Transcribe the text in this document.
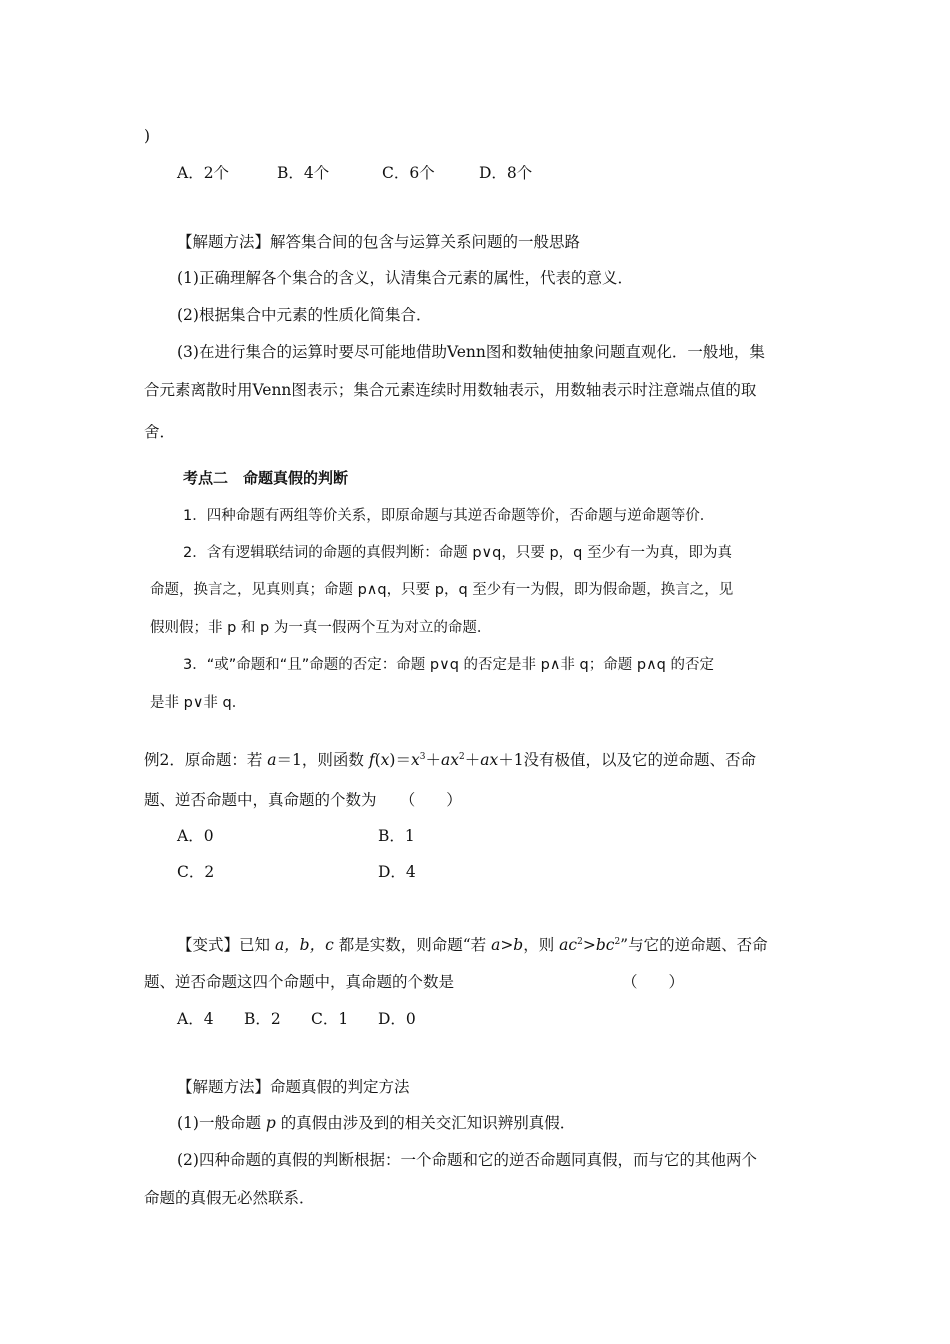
)
A．2个	B．4个	C．6个	D．8个
【解题方法】解答集合间的包含与运算关系问题的一般思路
(1)正确理解各个集合的含义，认清集合元素的属性，代表的意义．
(2)根据集合中元素的性质化简集合．
(3)在进行集合的运算时要尽可能地借助Venn图和数轴使抽象问题直观化．一般地，集
合元素离散时用Venn图表示；集合元素连续时用数轴表示，用数轴表示时注意端点值的取
舍．
考点二　命题真假的判断
1．四种命题有两组等价关系，即原命题与其逆否命题等价，否命题与逆命题等价．
2．含有逻辑联结词的命题的真假判断：命题 p∨q，只要 p，q 至少有一为真，即为真
命题，换言之，见真则真；命题 p∧q，只要 p，q 至少有一为假，即为假命题，换言之，见
假则假；非 p 和 p 为一真一假两个互为对立的命题．
3．“或”命题和“且”命题的否定：命题 p∨q 的否定是非 p∧非 q；命题 p∧q 的否定
是非 p∨非 q．
例2．原命题：若 a＝1，则函数 $f(x)=x^3+ax^2+ax+1$没有极值，以及它的逆命题、否命
题、逆否命题中，真命题的个数为　　（　　）
A．0	B．1
C．2	D．4
【变式】已知 a，b，c 都是实数，则命题“若 a>b，则 $ac^2>bc^2$”与它的逆命题、否命
题、逆否命题这四个命题中，真命题的个数是	（　　）
A．4 B．2 C．1 D．0
【解题方法】命题真假的判定方法
(1)一般命题 p 的真假由涉及到的相关交汇知识辨别真假．
(2)四种命题的真假的判断根据：一个命题和它的逆否命题同真假，而与它的其他两个
命题的真假无必然联系．
